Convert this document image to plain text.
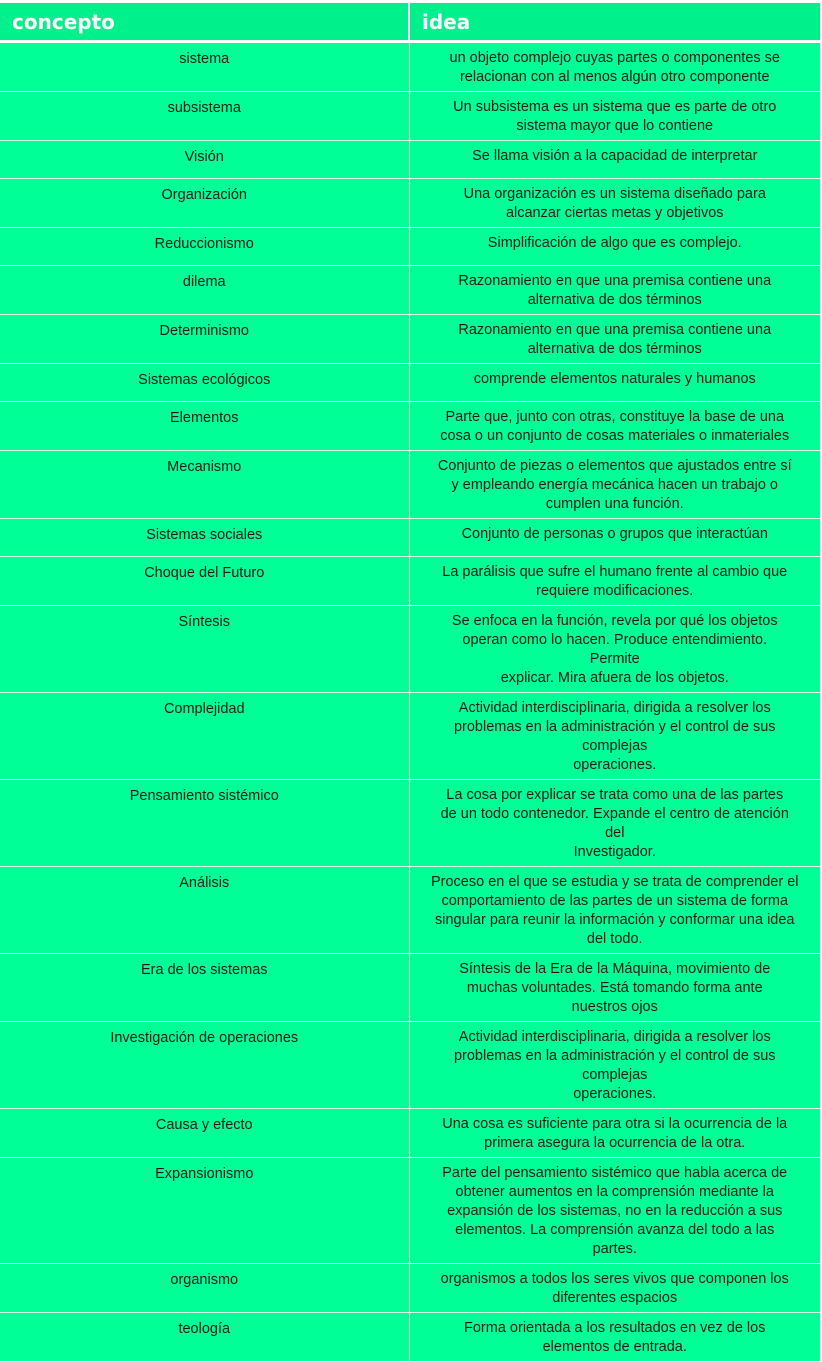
concepto	idea
sistema	un objeto complejo cuyas partes o componentes se
relacionan con al menos algún otro componente
subsistema	Un subsistema es un sistema que es parte de otro
sistema mayor que lo contiene
Visión	Se llama visión a la capacidad de interpretar
Organización	Una organización es un sistema diseñado para
alcanzar ciertas metas y objetivos
Reduccionismo	Simplificación de algo que es complejo.
dilema	Razonamiento en que una premisa contiene una
alternativa de dos términos
Determinismo	Razonamiento en que una premisa contiene una
alternativa de dos términos
Sistemas ecológicos	comprende elementos naturales y humanos
Elementos	Parte que, junto con otras, constituye la base de una
cosa o un conjunto de cosas materiales o inmateriales
Mecanismo	Conjunto de piezas o elementos que ajustados entre sí
y empleando energía mecánica hacen un trabajo o
cumplen una función.
Sistemas sociales	Conjunto de personas o grupos que interactúan
Choque del Futuro	La parálisis que sufre el humano frente al cambio que
requiere modificaciones.
Síntesis	Se enfoca en la función, revela por qué los objetos
operan como lo hacen. Produce entendimiento.
Permite
explicar. Mira afuera de los objetos.
Complejidad	Actividad interdisciplinaria, dirigida a resolver los
problemas en la administración y el control de sus
complejas
operaciones.
Pensamiento sistémico	La cosa por explicar se trata como una de las partes
de un todo contenedor. Expande el centro de atención
del
Investigador.
Análisis	Proceso en el que se estudia y se trata de comprender el
comportamiento de las partes de un sistema de forma
singular para reunir la información y conformar una idea
del todo.
Era de los sistemas	Síntesis de la Era de la Máquina, movimiento de
muchas voluntades. Está tomando forma ante
nuestros ojos
Investigación de operaciones	Actividad interdisciplinaria, dirigida a resolver los
problemas en la administración y el control de sus
complejas
operaciones.
Causa y efecto	Una cosa es suficiente para otra si la ocurrencia de la
primera asegura la ocurrencia de la otra.
Expansionismo	Parte del pensamiento sistémico que habla acerca de
obtener aumentos en la comprensión mediante la
expansión de los sistemas, no en la reducción a sus
elementos. La comprensión avanza del todo a las
partes.
organismo	organismos a todos los seres vivos que componen los
diferentes espacios
teología	Forma orientada a los resultados en vez de los
elementos de entrada.
